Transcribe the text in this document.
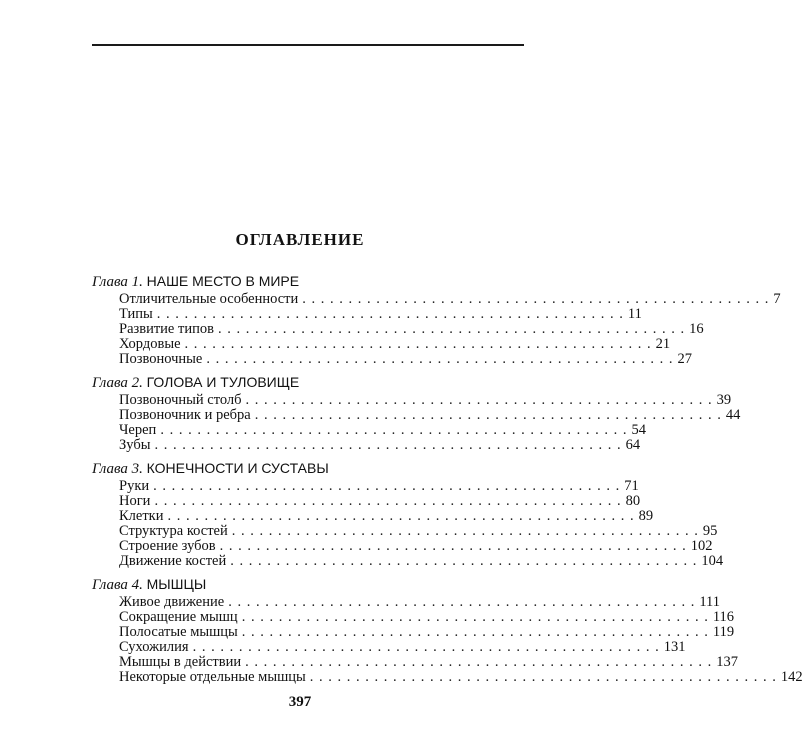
ОГЛАВЛЕНИЕ
Глава 1. НАШЕ МЕСТО В МИРЕ
Отличительные особенности . . . . . . . . . . . . . . . . . . . . . . . . . . . . . . . . . . . . . . . . . . . . . . . . . . . 7
Типы . . . . . . . . . . . . . . . . . . . . . . . . . . . . . . . . . . . . . . . . . . . . . . . . . . . 11
Развитие типов . . . . . . . . . . . . . . . . . . . . . . . . . . . . . . . . . . . . . . . . . . . . . . . . . . . 16
Хордовые . . . . . . . . . . . . . . . . . . . . . . . . . . . . . . . . . . . . . . . . . . . . . . . . . . . 21
Позвоночные . . . . . . . . . . . . . . . . . . . . . . . . . . . . . . . . . . . . . . . . . . . . . . . . . . . 27
Глава 2. ГОЛОВА И ТУЛОВИЩЕ
Позвоночный столб . . . . . . . . . . . . . . . . . . . . . . . . . . . . . . . . . . . . . . . . . . . . . . . . . . . 39
Позвоночник и ребра . . . . . . . . . . . . . . . . . . . . . . . . . . . . . . . . . . . . . . . . . . . . . . . . . . . 44
Череп . . . . . . . . . . . . . . . . . . . . . . . . . . . . . . . . . . . . . . . . . . . . . . . . . . . 54
Зубы . . . . . . . . . . . . . . . . . . . . . . . . . . . . . . . . . . . . . . . . . . . . . . . . . . . 64
Глава 3. КОНЕЧНОСТИ И СУСТАВЫ
Руки . . . . . . . . . . . . . . . . . . . . . . . . . . . . . . . . . . . . . . . . . . . . . . . . . . . 71
Ноги . . . . . . . . . . . . . . . . . . . . . . . . . . . . . . . . . . . . . . . . . . . . . . . . . . . 80
Клетки . . . . . . . . . . . . . . . . . . . . . . . . . . . . . . . . . . . . . . . . . . . . . . . . . . . 89
Структура костей . . . . . . . . . . . . . . . . . . . . . . . . . . . . . . . . . . . . . . . . . . . . . . . . . . . 95
Строение зубов . . . . . . . . . . . . . . . . . . . . . . . . . . . . . . . . . . . . . . . . . . . . . . . . . . . 102
Движение костей . . . . . . . . . . . . . . . . . . . . . . . . . . . . . . . . . . . . . . . . . . . . . . . . . . . 104
Глава 4. МЫШЦЫ
Живое движение . . . . . . . . . . . . . . . . . . . . . . . . . . . . . . . . . . . . . . . . . . . . . . . . . . . 111
Сокращение мышц . . . . . . . . . . . . . . . . . . . . . . . . . . . . . . . . . . . . . . . . . . . . . . . . . . . 116
Полосатые мышцы . . . . . . . . . . . . . . . . . . . . . . . . . . . . . . . . . . . . . . . . . . . . . . . . . . . 119
Сухожилия . . . . . . . . . . . . . . . . . . . . . . . . . . . . . . . . . . . . . . . . . . . . . . . . . . . 131
Мышцы в действии . . . . . . . . . . . . . . . . . . . . . . . . . . . . . . . . . . . . . . . . . . . . . . . . . . . 137
Некоторые отдельные мышцы . . . . . . . . . . . . . . . . . . . . . . . . . . . . . . . . . . . . . . . . . . . . . . . . . . . 142
397
